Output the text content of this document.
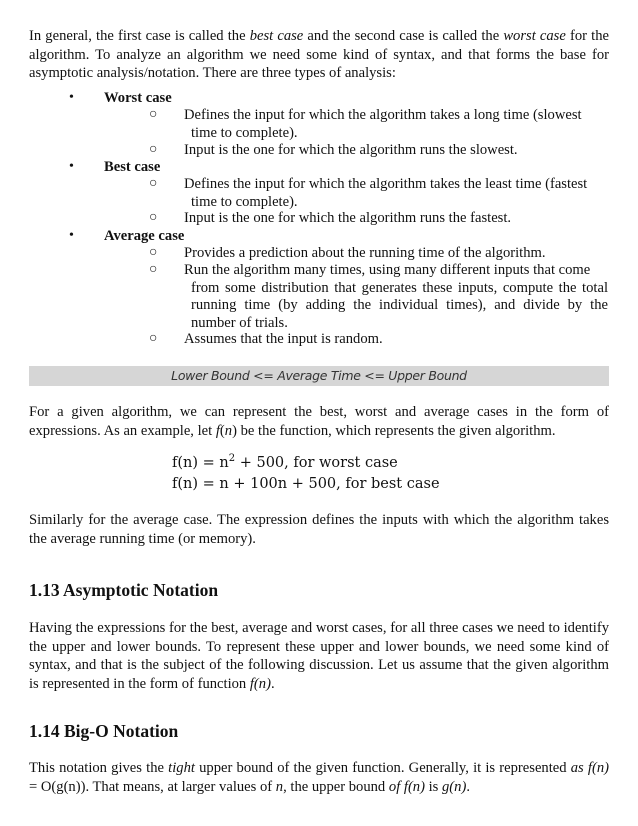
In general, the first case is called the best case and the second case is called the worst case for the algorithm. To analyze an algorithm we need some kind of syntax, and that forms the base for asymptotic analysis/notation. There are three types of analysis:

• Worst case
○ Defines the input for which the algorithm takes a long time (slowest
time to complete).
○ Input is the one for which the algorithm runs the slowest.
• Best case
○ Defines the input for which the algorithm takes the least time (fastest
time to complete).
○ Input is the one for which the algorithm runs the fastest.
• Average case
○ Provides a prediction about the running time of the algorithm.
○ Run the algorithm many times, using many different inputs that come
from some distribution that generates these inputs, compute the total running time (by adding the individual times), and divide by the number of trials.
○ Assumes that the input is random.
Lower Bound <= Average Time <= Upper Bound

For a given algorithm, we can represent the best, worst and average cases in the form of expressions. As an example, let f(n) be the function, which represents the given algorithm.

$f(n) = n^2 + 500$, for worst case
f(n) = n + 100n + 500, for best case

Similarly for the average case. The expression defines the inputs with which the algorithm takes the average running time (or memory).

1.13 Asymptotic Notation

Having the expressions for the best, average and worst cases, for all three cases we need to identify the upper and lower bounds. To represent these upper and lower bounds, we need some kind of syntax, and that is the subject of the following discussion. Let us assume that the given algorithm is represented in the form of function f(n).

1.14 Big-O Notation

This notation gives the tight upper bound of the given function. Generally, it is represented as f(n) = O(g(n)). That means, at larger values of n, the upper bound of f(n) is g(n).
